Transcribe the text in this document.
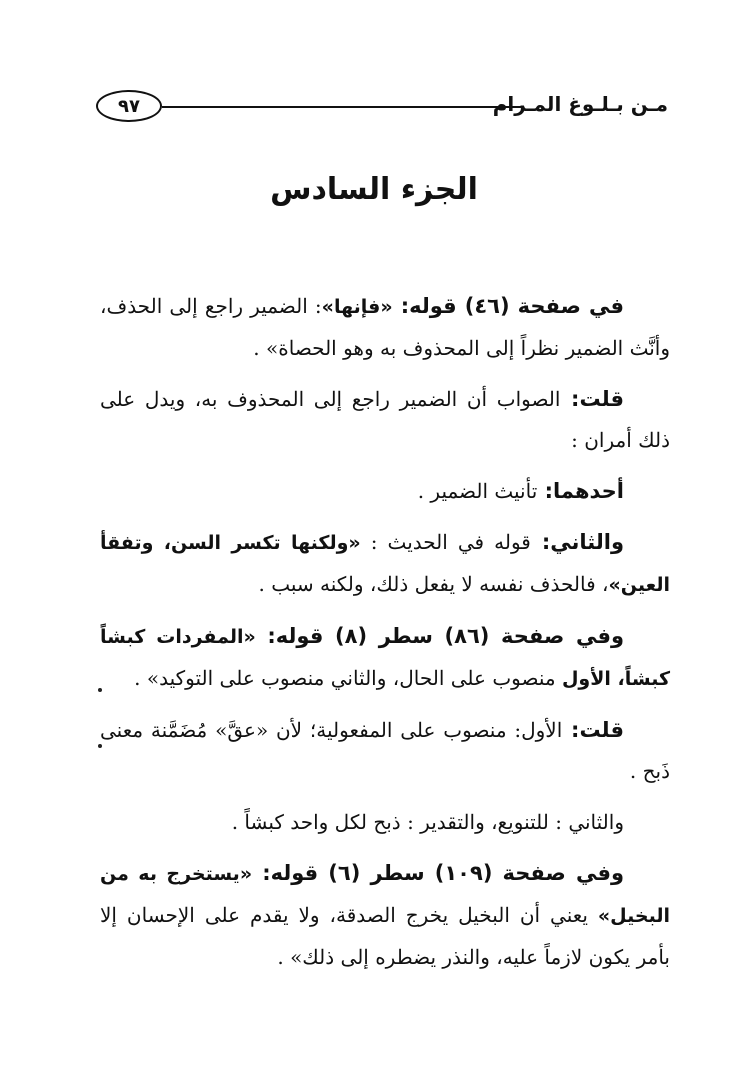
٩٧	مـن بـلـوغ المـرام
الجزء السادس

في صفحة (٤٦) قوله: «فإنها»: الضمير راجع إلى الحذف، وأنَّث الضمير نظراً إلى المحذوف به وهو الحصاة» .

قلت: الصواب أن الضمير راجع إلى المحذوف به، ويدل على ذلك أمران :

أحدهما: تأنيث الضمير .

والثاني: قوله في الحديث : «ولكنها تكسر السن، وتفقأ العين»، فالحذف نفسه لا يفعل ذلك، ولكنه سبب .

وفي صفحة (٨٦) سطر (٨) قوله: «المفردات كبشاً كبشاً، الأول منصوب على الحال، والثاني منصوب على التوكيد» .

قلت: الأول: منصوب على المفعولية؛ لأن «عقَّ» مُضَمَّنة معنى ذَبح .

والثاني : للتنويع، والتقدير : ذبح لكل واحد كبشاً .

وفي صفحة (١٠٩) سطر (٦) قوله: «يستخرج به من البخيل» يعني أن البخيل يخرج الصدقة، ولا يقدم على الإحسان إلا بأمر يكون لازماً عليه، والنذر يضطره إلى ذلك» .
